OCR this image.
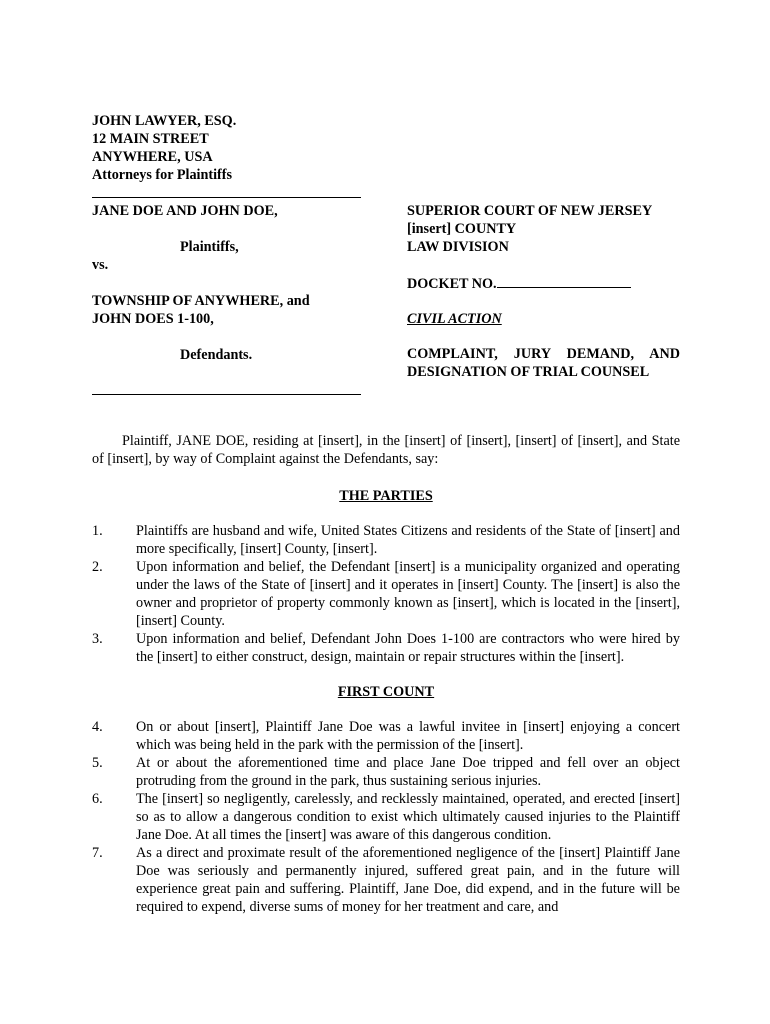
JOHN LAWYER, ESQ.
12 MAIN STREET
ANYWHERE, USA
Attorneys for Plaintiffs
JANE DOE AND JOHN DOE,
Plaintiffs,
vs.
TOWNSHIP OF ANYWHERE, and
JOHN DOES 1-100,
Defendants.
SUPERIOR COURT OF NEW JERSEY
[insert] COUNTY
LAW DIVISION
DOCKET NO.
CIVIL ACTION
COMPLAINT, JURY DEMAND, AND
DESIGNATION OF TRIAL COUNSEL

Plaintiff, JANE DOE, residing at [insert], in the [insert] of [insert], [insert] of [insert], and State of [insert], by way of Complaint against the Defendants, say:

THE PARTIES
1. Plaintiffs are husband and wife, United States Citizens and residents of the State of [insert] and more specifically, [insert] County, [insert].
2. Upon information and belief, the Defendant [insert] is a municipality organized and operating under the laws of the State of [insert] and it operates in [insert] County. The [insert] is also the owner and proprietor of property commonly known as [insert], which is located in the [insert], [insert] County.
3. Upon information and belief, Defendant John Does 1-100 are contractors who were hired by the [insert] to either construct, design, maintain or repair structures within the [insert].
FIRST COUNT
4. On or about [insert], Plaintiff Jane Doe was a lawful invitee in [insert] enjoying a concert which was being held in the park with the permission of the [insert].
5. At or about the aforementioned time and place Jane Doe tripped and fell over an object protruding from the ground in the park, thus sustaining serious injuries.
6. The [insert] so negligently, carelessly, and recklessly maintained, operated, and erected [insert] so as to allow a dangerous condition to exist which ultimately caused injuries to the Plaintiff Jane Doe. At all times the [insert] was aware of this dangerous condition.
7. As a direct and proximate result of the aforementioned negligence of the [insert] Plaintiff Jane Doe was seriously and permanently injured, suffered great pain, and in the future will experience great pain and suffering. Plaintiff, Jane Doe, did expend, and in the future will be required to expend, diverse sums of money for her treatment and care, and
